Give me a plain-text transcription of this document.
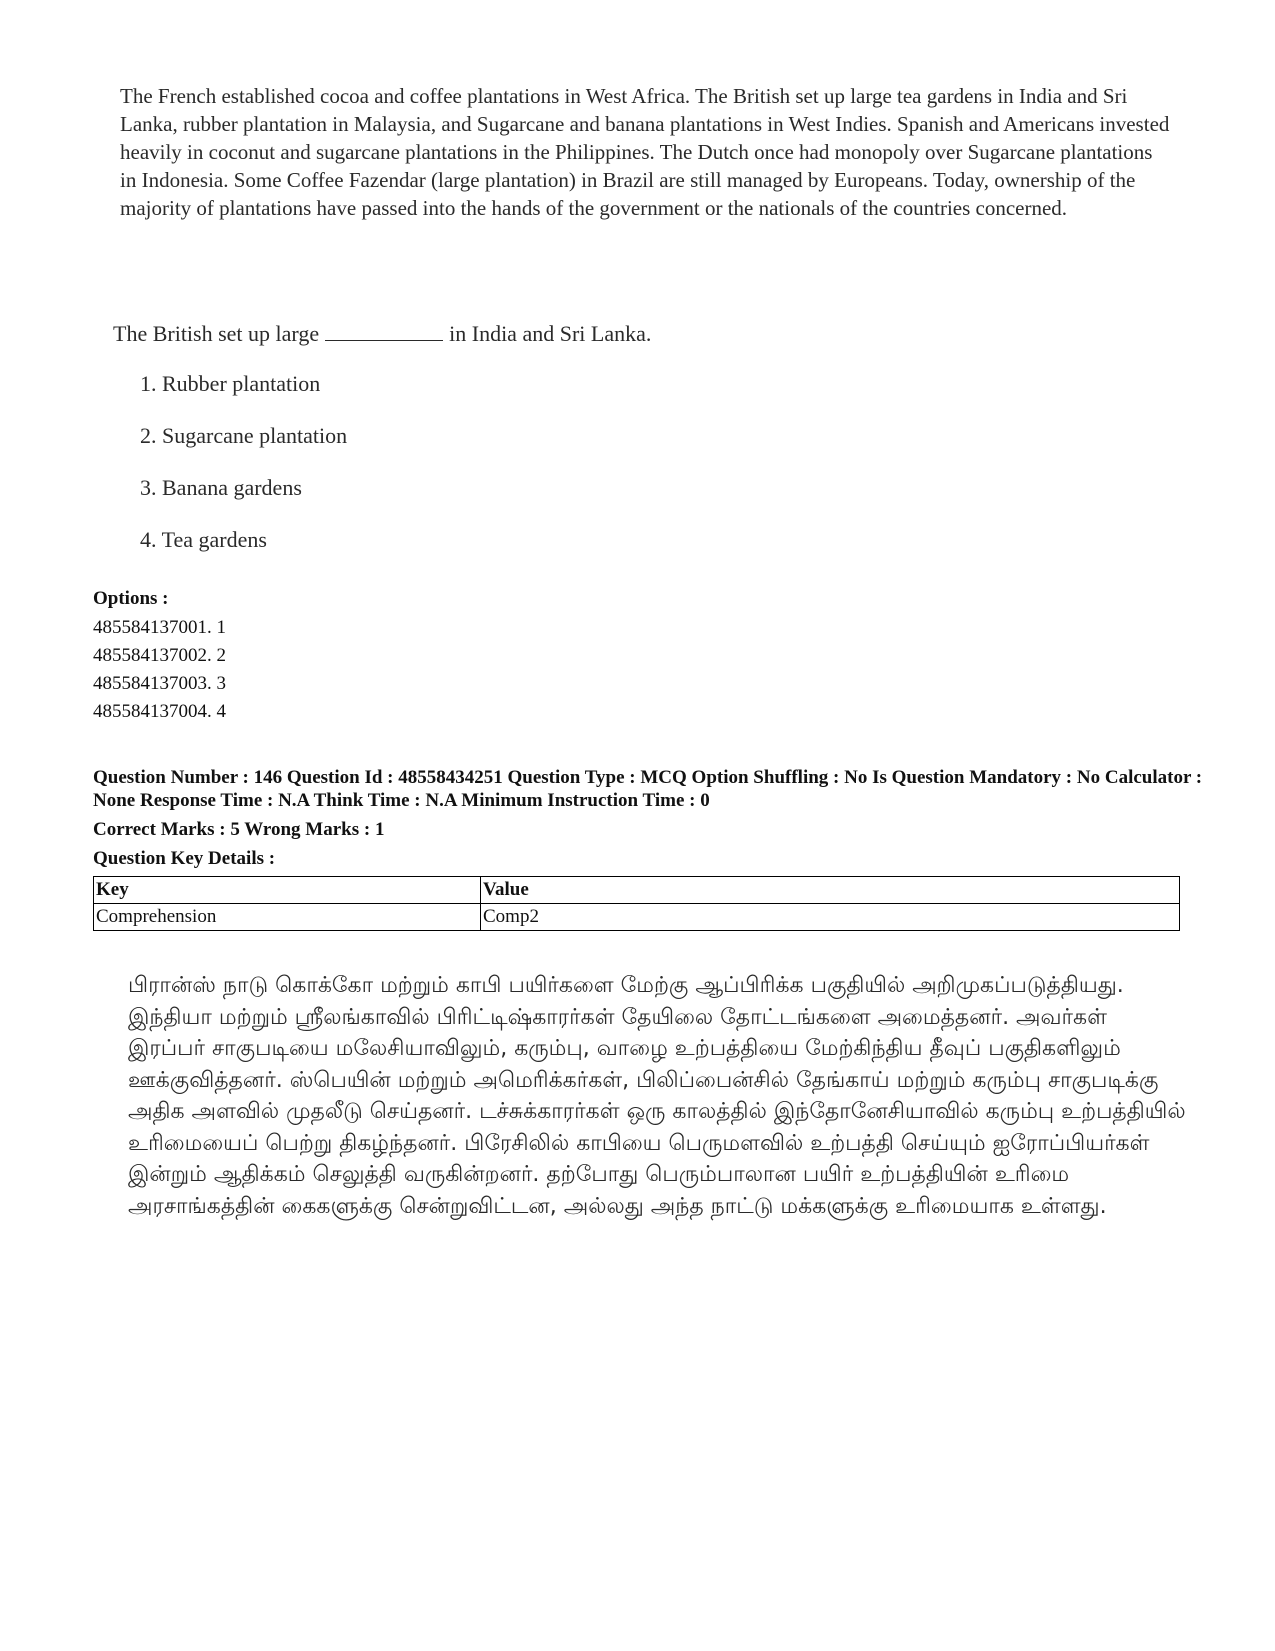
The French established cocoa and coffee plantations in West Africa. The British set up large tea gardens in India and Sri Lanka, rubber plantation in Malaysia, and Sugarcane and banana plantations in West Indies. Spanish and Americans invested heavily in coconut and sugarcane plantations in the Philippines. The Dutch once had monopoly over Sugarcane plantations in Indonesia. Some Coffee Fazendar (large plantation) in Brazil are still managed by Europeans. Today, ownership of the majority of plantations have passed into the hands of the government or the nationals of the countries concerned.
The British set up large	in India and Sri Lanka.
1. Rubber plantation
2. Sugarcane plantation
3. Banana gardens
4. Tea gardens
Options :
485584137001. 1
485584137002. 2
485584137003. 3
485584137004. 4
Question Number : 146 Question Id : 48558434251 Question Type : MCQ Option Shuffling : No Is Question Mandatory : No Calculator : None Response Time : N.A Think Time : N.A Minimum Instruction Time : 0
Correct Marks : 5 Wrong Marks : 1
Question Key Details :
Key	Value
Comprehension	Comp2
பிரான்ஸ் நாடு கொக்கோ மற்றும் காபி பயிர்களை மேற்கு ஆப்பிரிக்க பகுதியில் அறிமுகப்படுத்தியது. இந்தியா மற்றும் ஸ்ரீலங்காவில் பிரிட்டிஷ்காரர்கள் தேயிலை தோட்டங்களை அமைத்தனர். அவர்கள் இரப்பர் சாகுபடியை மலேசியாவிலும், கரும்பு, வாழை உற்பத்தியை மேற்கிந்திய தீவுப் பகுதிகளிலும் ஊக்குவித்தனர். ஸ்பெயின் மற்றும் அமெரிக்கர்கள், பிலிப்பைன்சில் தேங்காய் மற்றும் கரும்பு சாகுபடிக்கு அதிக அளவில் முதலீடு செய்தனர். டச்சுக்காரர்கள் ஒரு காலத்தில் இந்தோனேசியாவில் கரும்பு உற்பத்தியில் உரிமையைப் பெற்று திகழ்ந்தனர். பிரேசிலில் காபியை பெருமளவில் உற்பத்தி செய்யும் ஐரோப்பியர்கள் இன்றும் ஆதிக்கம் செலுத்தி வருகின்றனர். தற்போது பெரும்பாலான பயிர் உற்பத்தியின் உரிமை அரசாங்கத்தின் கைகளுக்கு சென்றுவிட்டன, அல்லது அந்த நாட்டு மக்களுக்கு உரிமையாக உள்ளது.
